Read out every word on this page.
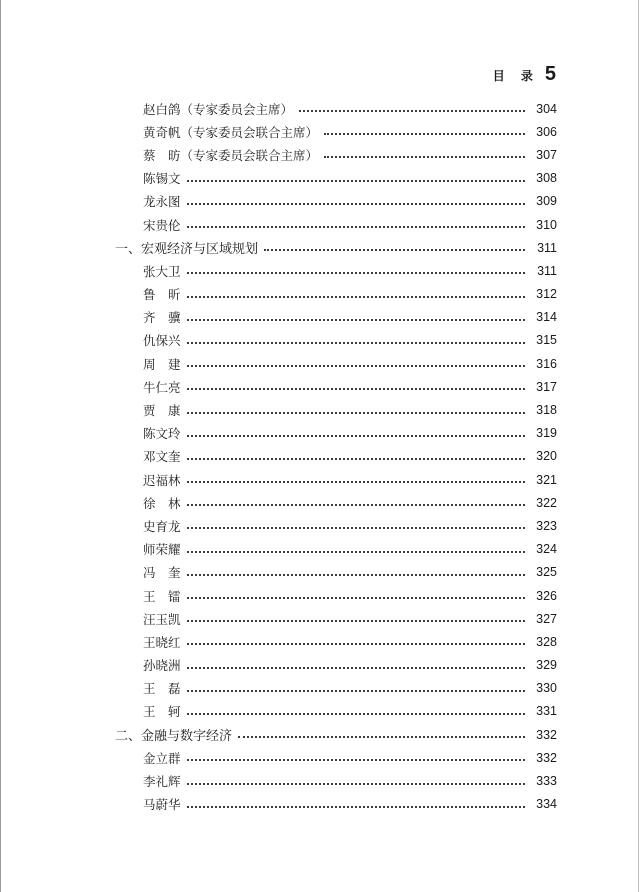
目 录 5
赵白鸽（专家委员会主席）	304
黄奇帆（专家委员会联合主席）	306
蔡　昉（专家委员会联合主席）	307
陈锡文	308
龙永图	309
宋贵伦	310
一、宏观经济与区域规划	311
张大卫	311
鲁　昕	312
齐　骥	314
仇保兴	315
周　建	316
牛仁亮	317
贾　康	318
陈文玲	319
邓文奎	320
迟福林	321
徐　林	322
史育龙	323
师荣耀	324
冯　奎	325
王　镭	326
汪玉凯	327
王晓红	328
孙晓洲	329
王　磊	330
王　轲	331
二、金融与数字经济	332
金立群	332
李礼辉	333
马蔚华	334
